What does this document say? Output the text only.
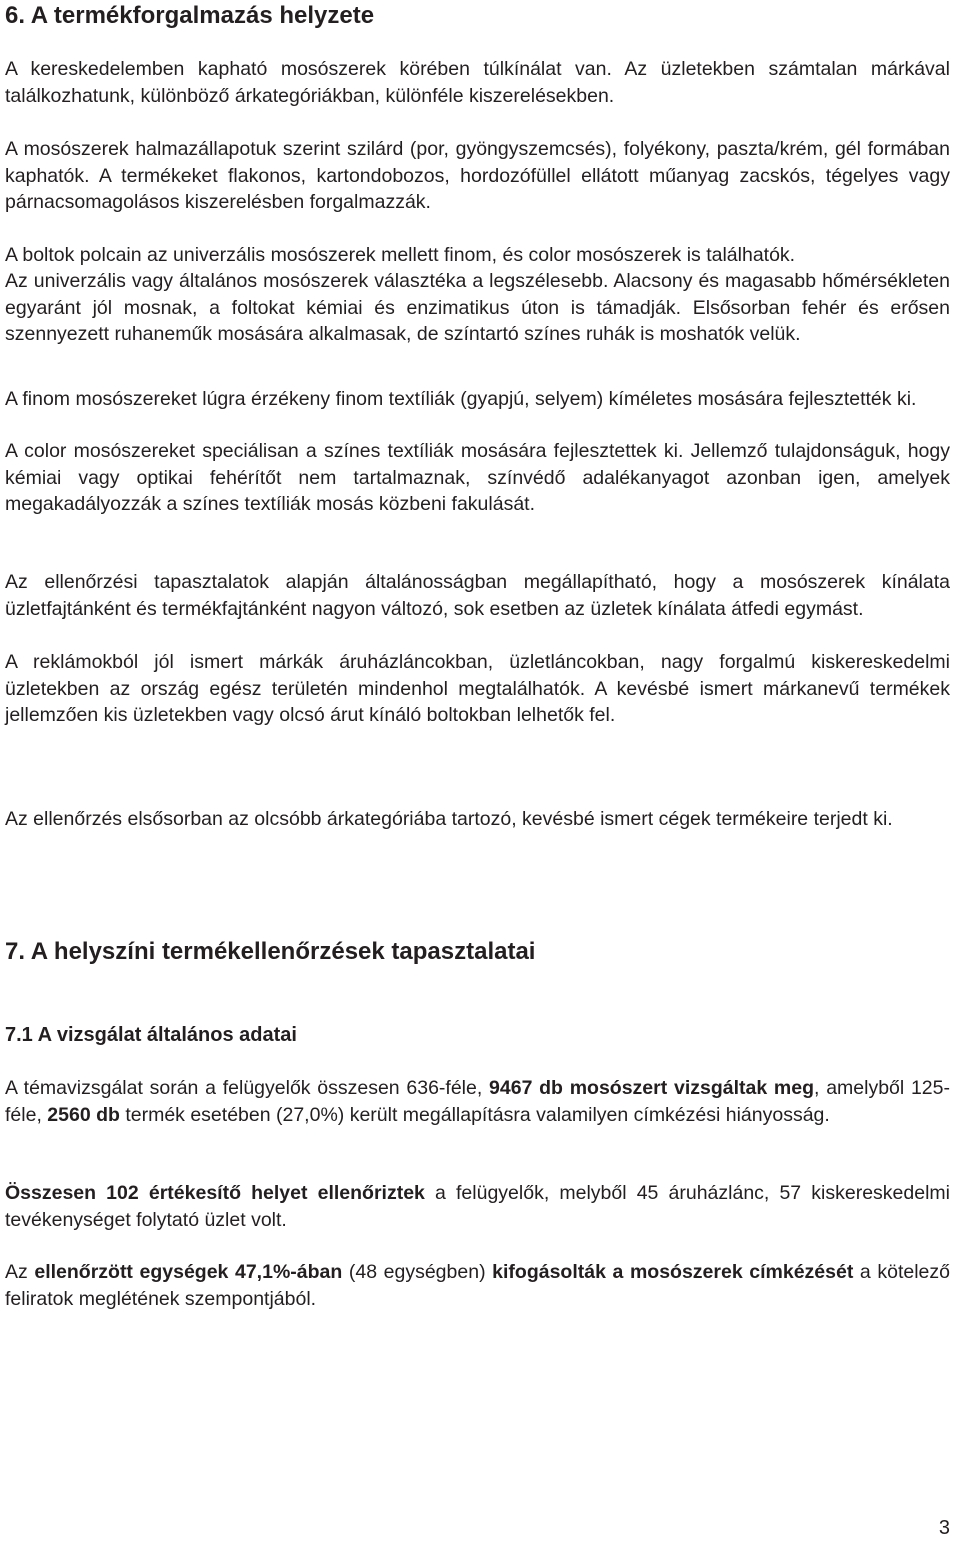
6. A termékforgalmazás helyzete

A kereskedelemben kapható mosószerek körében túlkínálat van. Az üzletekben számtalan márkával találkozhatunk, különböző árkategóriákban, különféle kiszerelésekben.

A mosószerek halmazállapotuk szerint szilárd (por, gyöngyszemcsés), folyékony, paszta/krém, gél formában kaphatók. A termékeket flakonos, kartondobozos, hordozófüllel ellátott műanyag zacskós, tégelyes vagy párnacsomagolásos kiszerelésben forgalmazzák.

A boltok polcain az univerzális mosószerek mellett finom, és color mosószerek is találhatók.

Az univerzális vagy általános mosószerek választéka a legszélesebb. Alacsony és magasabb hőmérsékleten egyaránt jól mosnak, a foltokat kémiai és enzimatikus úton is támadják. Elsősorban fehér és erősen szennyezett ruhaneműk mosására alkalmasak, de színtartó színes ruhák is moshatók velük.

A finom mosószereket lúgra érzékeny finom textíliák (gyapjú, selyem) kíméletes mosására fejlesztették ki.

A color mosószereket speciálisan a színes textíliák mosására fejlesztettek ki. Jellemző tulajdonságuk, hogy kémiai vagy optikai fehérítőt nem tartalmaznak, színvédő adalékanyagot azonban igen, amelyek megakadályozzák a színes textíliák mosás közbeni fakulását.

Az ellenőrzési tapasztalatok alapján általánosságban megállapítható, hogy a mosószerek kínálata üzletfajtánként és termékfajtánként nagyon változó, sok esetben az üzletek kínálata átfedi egymást.

A reklámokból jól ismert márkák áruházláncokban, üzletláncokban, nagy forgalmú kiskereskedelmi üzletekben az ország egész területén mindenhol megtalálhatók. A kevésbé ismert márkanevű termékek jellemzően kis üzletekben vagy olcsó árut kínáló boltokban lelhetők fel.

Az ellenőrzés elsősorban az olcsóbb árkategóriába tartozó, kevésbé ismert cégek termékeire terjedt ki.

7. A helyszíni termékellenőrzések tapasztalatai
7.1 A vizsgálat általános adatai

A témavizsgálat során a felügyelők összesen 636-féle, 9467 db mosószert vizsgáltak meg, amelyből 125-féle, 2560 db termék esetében (27,0%) került megállapításra valamilyen címkézési hiányosság.

Összesen 102 értékesítő helyet ellenőriztek a felügyelők, melyből 45 áruházlánc, 57 kiskereskedelmi tevékenységet folytató üzlet volt.

Az ellenőrzött egységek 47,1%-ában (48 egységben) kifogásolták a mosószerek címkézését a kötelező feliratok meglétének szempontjából.

3
